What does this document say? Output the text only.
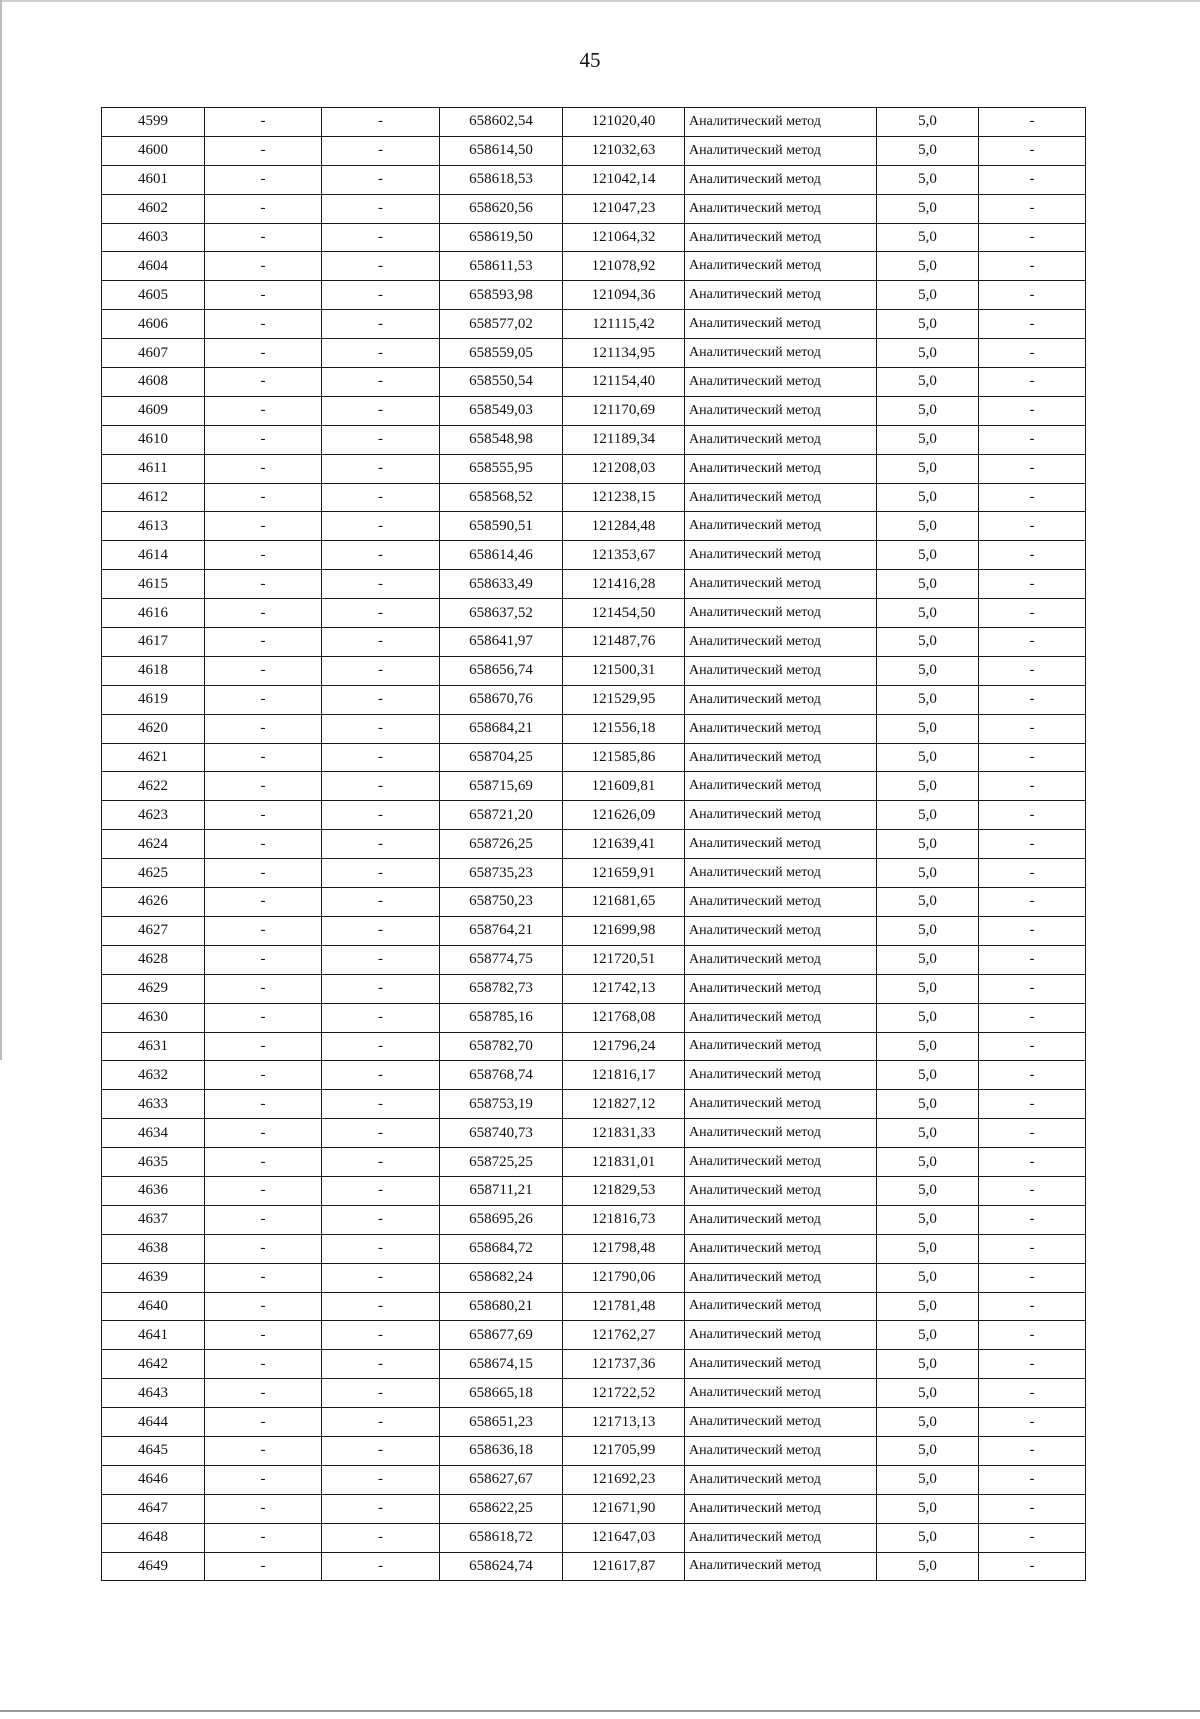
45
4599	-	-	658602,54	121020,40	Аналитический метод	5,0	-
4600	-	-	658614,50	121032,63	Аналитический метод	5,0	-
4601	-	-	658618,53	121042,14	Аналитический метод	5,0	-
4602	-	-	658620,56	121047,23	Аналитический метод	5,0	-
4603	-	-	658619,50	121064,32	Аналитический метод	5,0	-
4604	-	-	658611,53	121078,92	Аналитический метод	5,0	-
4605	-	-	658593,98	121094,36	Аналитический метод	5,0	-
4606	-	-	658577,02	121115,42	Аналитический метод	5,0	-
4607	-	-	658559,05	121134,95	Аналитический метод	5,0	-
4608	-	-	658550,54	121154,40	Аналитический метод	5,0	-
4609	-	-	658549,03	121170,69	Аналитический метод	5,0	-
4610	-	-	658548,98	121189,34	Аналитический метод	5,0	-
4611	-	-	658555,95	121208,03	Аналитический метод	5,0	-
4612	-	-	658568,52	121238,15	Аналитический метод	5,0	-
4613	-	-	658590,51	121284,48	Аналитический метод	5,0	-
4614	-	-	658614,46	121353,67	Аналитический метод	5,0	-
4615	-	-	658633,49	121416,28	Аналитический метод	5,0	-
4616	-	-	658637,52	121454,50	Аналитический метод	5,0	-
4617	-	-	658641,97	121487,76	Аналитический метод	5,0	-
4618	-	-	658656,74	121500,31	Аналитический метод	5,0	-
4619	-	-	658670,76	121529,95	Аналитический метод	5,0	-
4620	-	-	658684,21	121556,18	Аналитический метод	5,0	-
4621	-	-	658704,25	121585,86	Аналитический метод	5,0	-
4622	-	-	658715,69	121609,81	Аналитический метод	5,0	-
4623	-	-	658721,20	121626,09	Аналитический метод	5,0	-
4624	-	-	658726,25	121639,41	Аналитический метод	5,0	-
4625	-	-	658735,23	121659,91	Аналитический метод	5,0	-
4626	-	-	658750,23	121681,65	Аналитический метод	5,0	-
4627	-	-	658764,21	121699,98	Аналитический метод	5,0	-
4628	-	-	658774,75	121720,51	Аналитический метод	5,0	-
4629	-	-	658782,73	121742,13	Аналитический метод	5,0	-
4630	-	-	658785,16	121768,08	Аналитический метод	5,0	-
4631	-	-	658782,70	121796,24	Аналитический метод	5,0	-
4632	-	-	658768,74	121816,17	Аналитический метод	5,0	-
4633	-	-	658753,19	121827,12	Аналитический метод	5,0	-
4634	-	-	658740,73	121831,33	Аналитический метод	5,0	-
4635	-	-	658725,25	121831,01	Аналитический метод	5,0	-
4636	-	-	658711,21	121829,53	Аналитический метод	5,0	-
4637	-	-	658695,26	121816,73	Аналитический метод	5,0	-
4638	-	-	658684,72	121798,48	Аналитический метод	5,0	-
4639	-	-	658682,24	121790,06	Аналитический метод	5,0	-
4640	-	-	658680,21	121781,48	Аналитический метод	5,0	-
4641	-	-	658677,69	121762,27	Аналитический метод	5,0	-
4642	-	-	658674,15	121737,36	Аналитический метод	5,0	-
4643	-	-	658665,18	121722,52	Аналитический метод	5,0	-
4644	-	-	658651,23	121713,13	Аналитический метод	5,0	-
4645	-	-	658636,18	121705,99	Аналитический метод	5,0	-
4646	-	-	658627,67	121692,23	Аналитический метод	5,0	-
4647	-	-	658622,25	121671,90	Аналитический метод	5,0	-
4648	-	-	658618,72	121647,03	Аналитический метод	5,0	-
4649	-	-	658624,74	121617,87	Аналитический метод	5,0	-
